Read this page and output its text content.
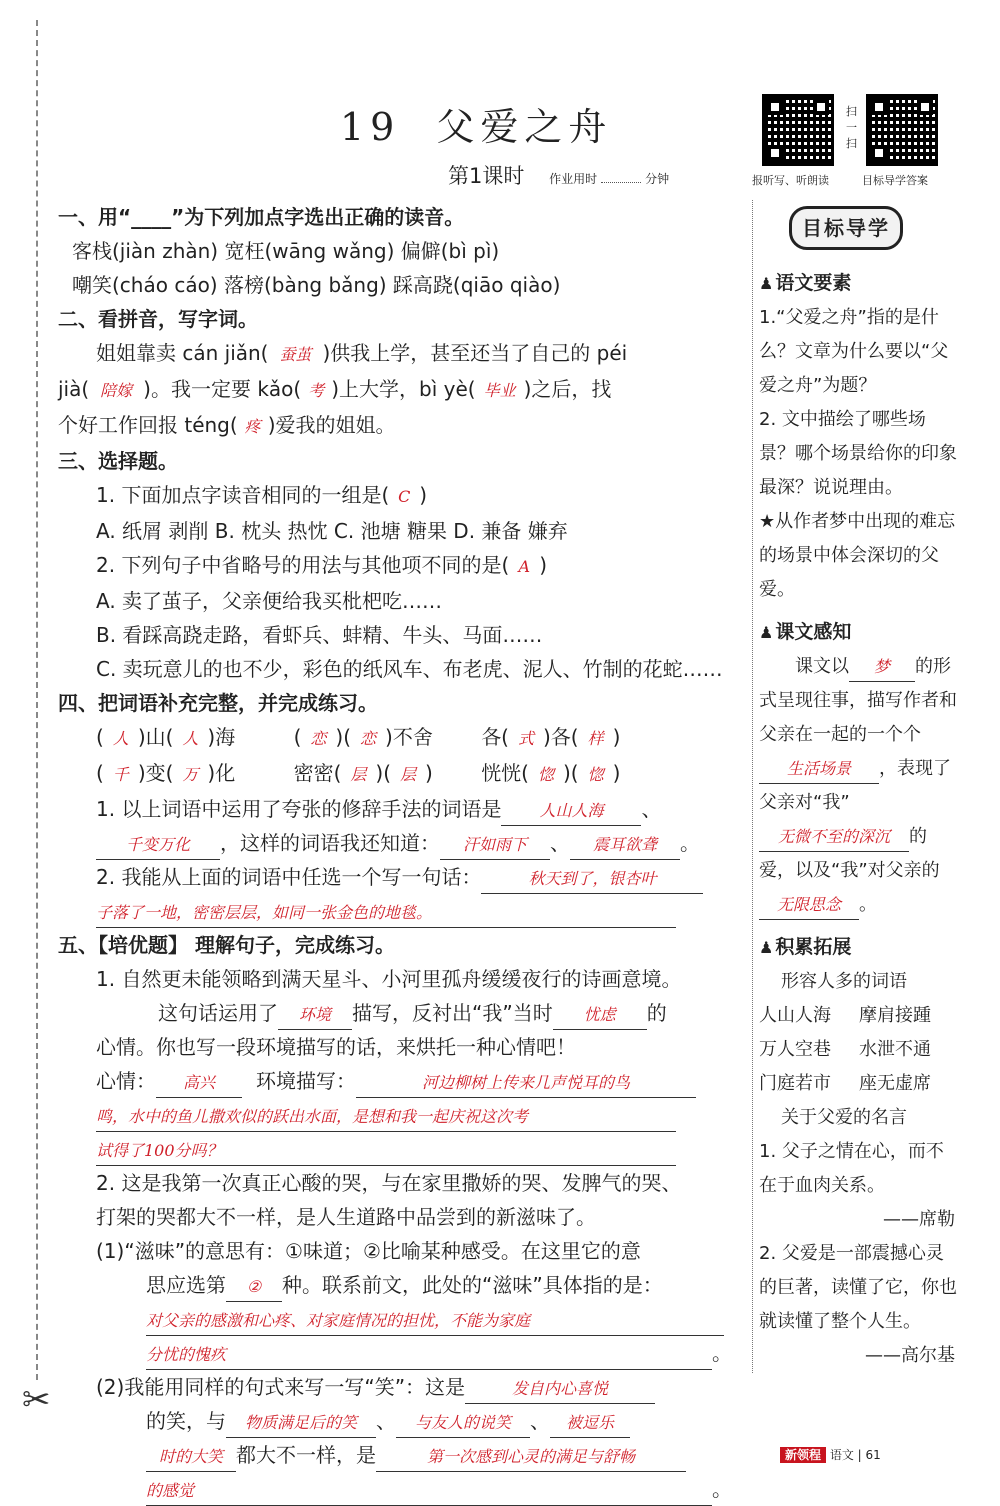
✂
19 父爱之舟
第1课时 作业用时	分钟
扫一扫
报听写、听朗读	目标导学答案
一、用“____”为下列加点字选出正确的读音。
客栈(jiàn zhàn) 宽枉(wāng wǎng) 偏僻(bì pì)
嘲笑(cháo cáo) 落榜(bàng bǎng) 踩高跷(qiāo qiào)
二、看拼音，写字词。
姐姐靠卖 cán jiǎn( 蚕茧 )供我上学，甚至还当了自己的 péi
jià( 陪嫁 )。我一定要 kǎo( 考 )上大学，bì yè( 毕业 )之后，找
个好工作回报 téng( 疼 )爱我的姐姐。
三、选择题。
1. 下面加点字读音相同的一组是( C )
A. 纸屑 剥削 B. 枕头 热忱 C. 池塘 糖果 D. 兼备 嫌弃
2. 下列句子中省略号的用法与其他项不同的是( A )
A. 卖了茧子，父亲便给我买枇杷吃……
B. 看踩高跷走路，看虾兵、蚌精、牛头、马面……
C. 卖玩意儿的也不少，彩色的纸风车、布老虎、泥人、竹制的花蛇……
四、把词语补充完整，并完成练习。
( 人 )山( 人 )海	( 恋 )( 恋 )不舍 各( 式 )各( 样 )
( 千 )变( 万 )化	密密( 层 )( 层 ) 恍恍( 惚 )( 惚 )
1. 以上词语中运用了夸张的修辞手法的词语是 人山人海 、
千变万化 ，这样的词语我还知道： 汗如雨下 、 震耳欲聋 。
2. 我能从上面的词语中任选一个写一句话：	秋天到了，银杏叶
子落了一地，密密层层，如同一张金色的地毯。
五、【培优题】 理解句子，完成练习。
1. 自然更未能领略到满天星斗、小河里孤舟缓缓夜行的诗画意境。
这句话运用了 环境 描写，反衬出“我”当时 忧虑 的
心情。你也写一段环境描写的话，来烘托一种心情吧！
心情： 高兴 环境描写：	河边柳树上传来几声悦耳的鸟
鸣，水中的鱼儿撒欢似的跃出水面，是想和我一起庆祝这次考
试得了100分吗？
2. 这是我第一次真正心酸的哭，与在家里撒娇的哭、发脾气的哭、
打架的哭都大不一样，是人生道路中品尝到的新滋味了。
(1)“滋味”的意思有：①味道；②比喻某种感受。在这里它的意
思应选第 ② 种。联系前文，此处的“滋味”具体指的是：
对父亲的感激和心疼、对家庭情况的担忧，不能为家庭
分忧的愧疚	。
(2)我能用同样的句式来写一写“笑”：这是	发自内心喜悦
的笑，与 物质满足后的笑 、 与友人的说笑 、 被逗乐
时的大笑 都大不一样，是	第一次感到心灵的满足与舒畅
的感觉	。
目标导学
♟ 语文要素
1.“父爱之舟”指的是什么？文章为什么要以“父爱之舟”为题？
2. 文中描绘了哪些场景？哪个场景给你的印象最深？说说理由。
★从作者梦中出现的难忘的场景中体会深切的父爱。
♟ 课文感知
课文以 梦 的形式呈现往事，描写作者和父亲在一起的一个个生活场景 ，表现了父亲对“我”无微不至的深沉 的爱，以及“我”对父亲的无限思念 。
♟ 积累拓展
形容人多的词语
人山人海 摩肩接踵
万人空巷 水泄不通
门庭若市 座无虚席
关于父爱的名言
1. 父子之情在心，而不在于血肉关系。
——席勒
2. 父爱是一部震撼心灵的巨著，读懂了它，你也就读懂了整个人生。
——高尔基
新领程 语文 | 61
